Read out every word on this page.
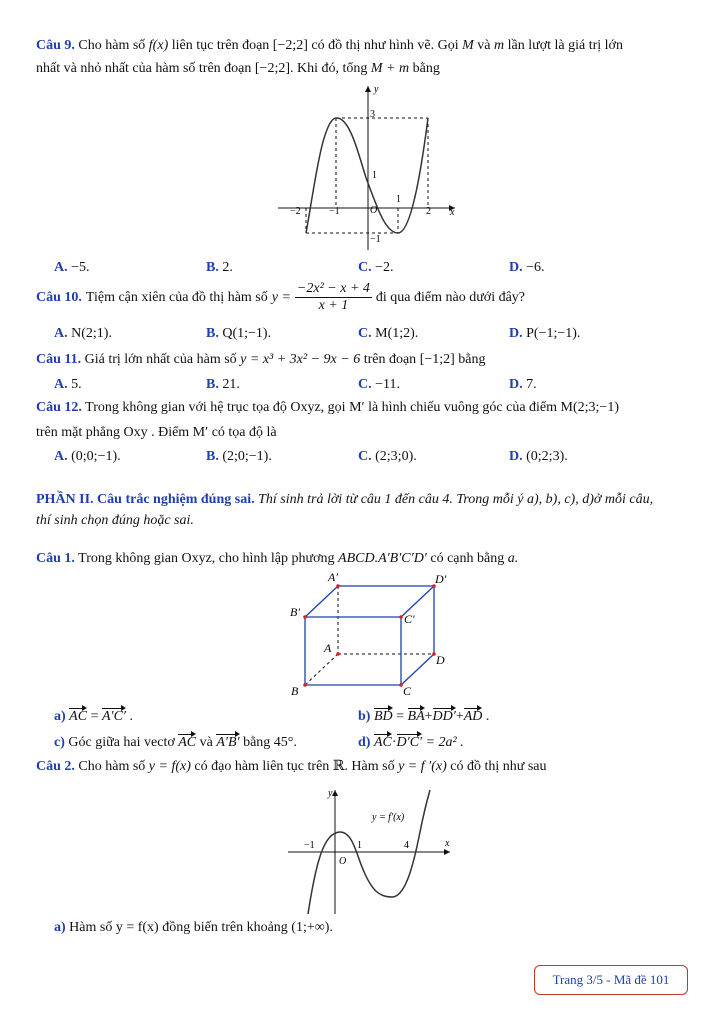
Câu 9. Cho hàm số f(x) liên tục trên đoạn [−2;2] có đồ thị như hình vẽ. Gọi M và m lần lượt là giá trị lớn
nhất và nhỏ nhất của hàm số trên đoạn [−2;2]. Khi đó, tổng M + m bằng
y
x
3
1
−2	−1	O
1
2
−1
A. −5.	B. 2.	C. −2.	D. −6.
Câu 10. Tiệm cận xiên của đồ thị hàm số $y = \frac{\text{−2x² − x + 4}}{x + 1}$ đi qua điểm nào dưới đây?
A. N(2;1).	B. Q(1;−1).	C. M(1;2).	D. P(−1;−1).
Câu 11. Giá trị lớn nhất của hàm số y = x³ + 3x² − 9x − 6 trên đoạn [−1;2] bằng
A. 5.	B. 21.	C. −11.	D. 7.
Câu 12. Trong không gian với hệ trục tọa độ Oxyz, gọi M′ là hình chiếu vuông góc của điểm M(2;3;−1)
trên mặt phẳng Oxy . Điểm M′ có tọa độ là
A. (0;0;−1).	B. (2;0;−1).	C. (2;3;0).	D. (0;2;3).
PHẦN II. Câu trắc nghiệm đúng sai. Thí sinh trả lời từ câu 1 đến câu 4. Trong mỗi ý a), b), c), d)ở mỗi câu,
thí sinh chọn đúng hoặc sai.
Câu 1. Trong không gian Oxyz, cho hình lập phương ABCD.A′B′C′D′ có cạnh bằng a.
A′	D′
B′	C′
A
D
B	C
a) AC = A′C′ .	b) BD = BA+DD′+AD .
c) Góc giữa hai vectơ AC và A′B′ bằng 45°.	d) AC·D′C′ = 2a² .
Câu 2. Cho hàm số y = f(x) có đạo hàm liên tục trên ℝ. Hàm số y = f ′(x) có đồ thị như sau
y
x
y = f′(x)
−1	1	4
O
a) Hàm số y = f(x) đồng biến trên khoảng (1;+∞).
Trang 3/5 - Mã đề 101
